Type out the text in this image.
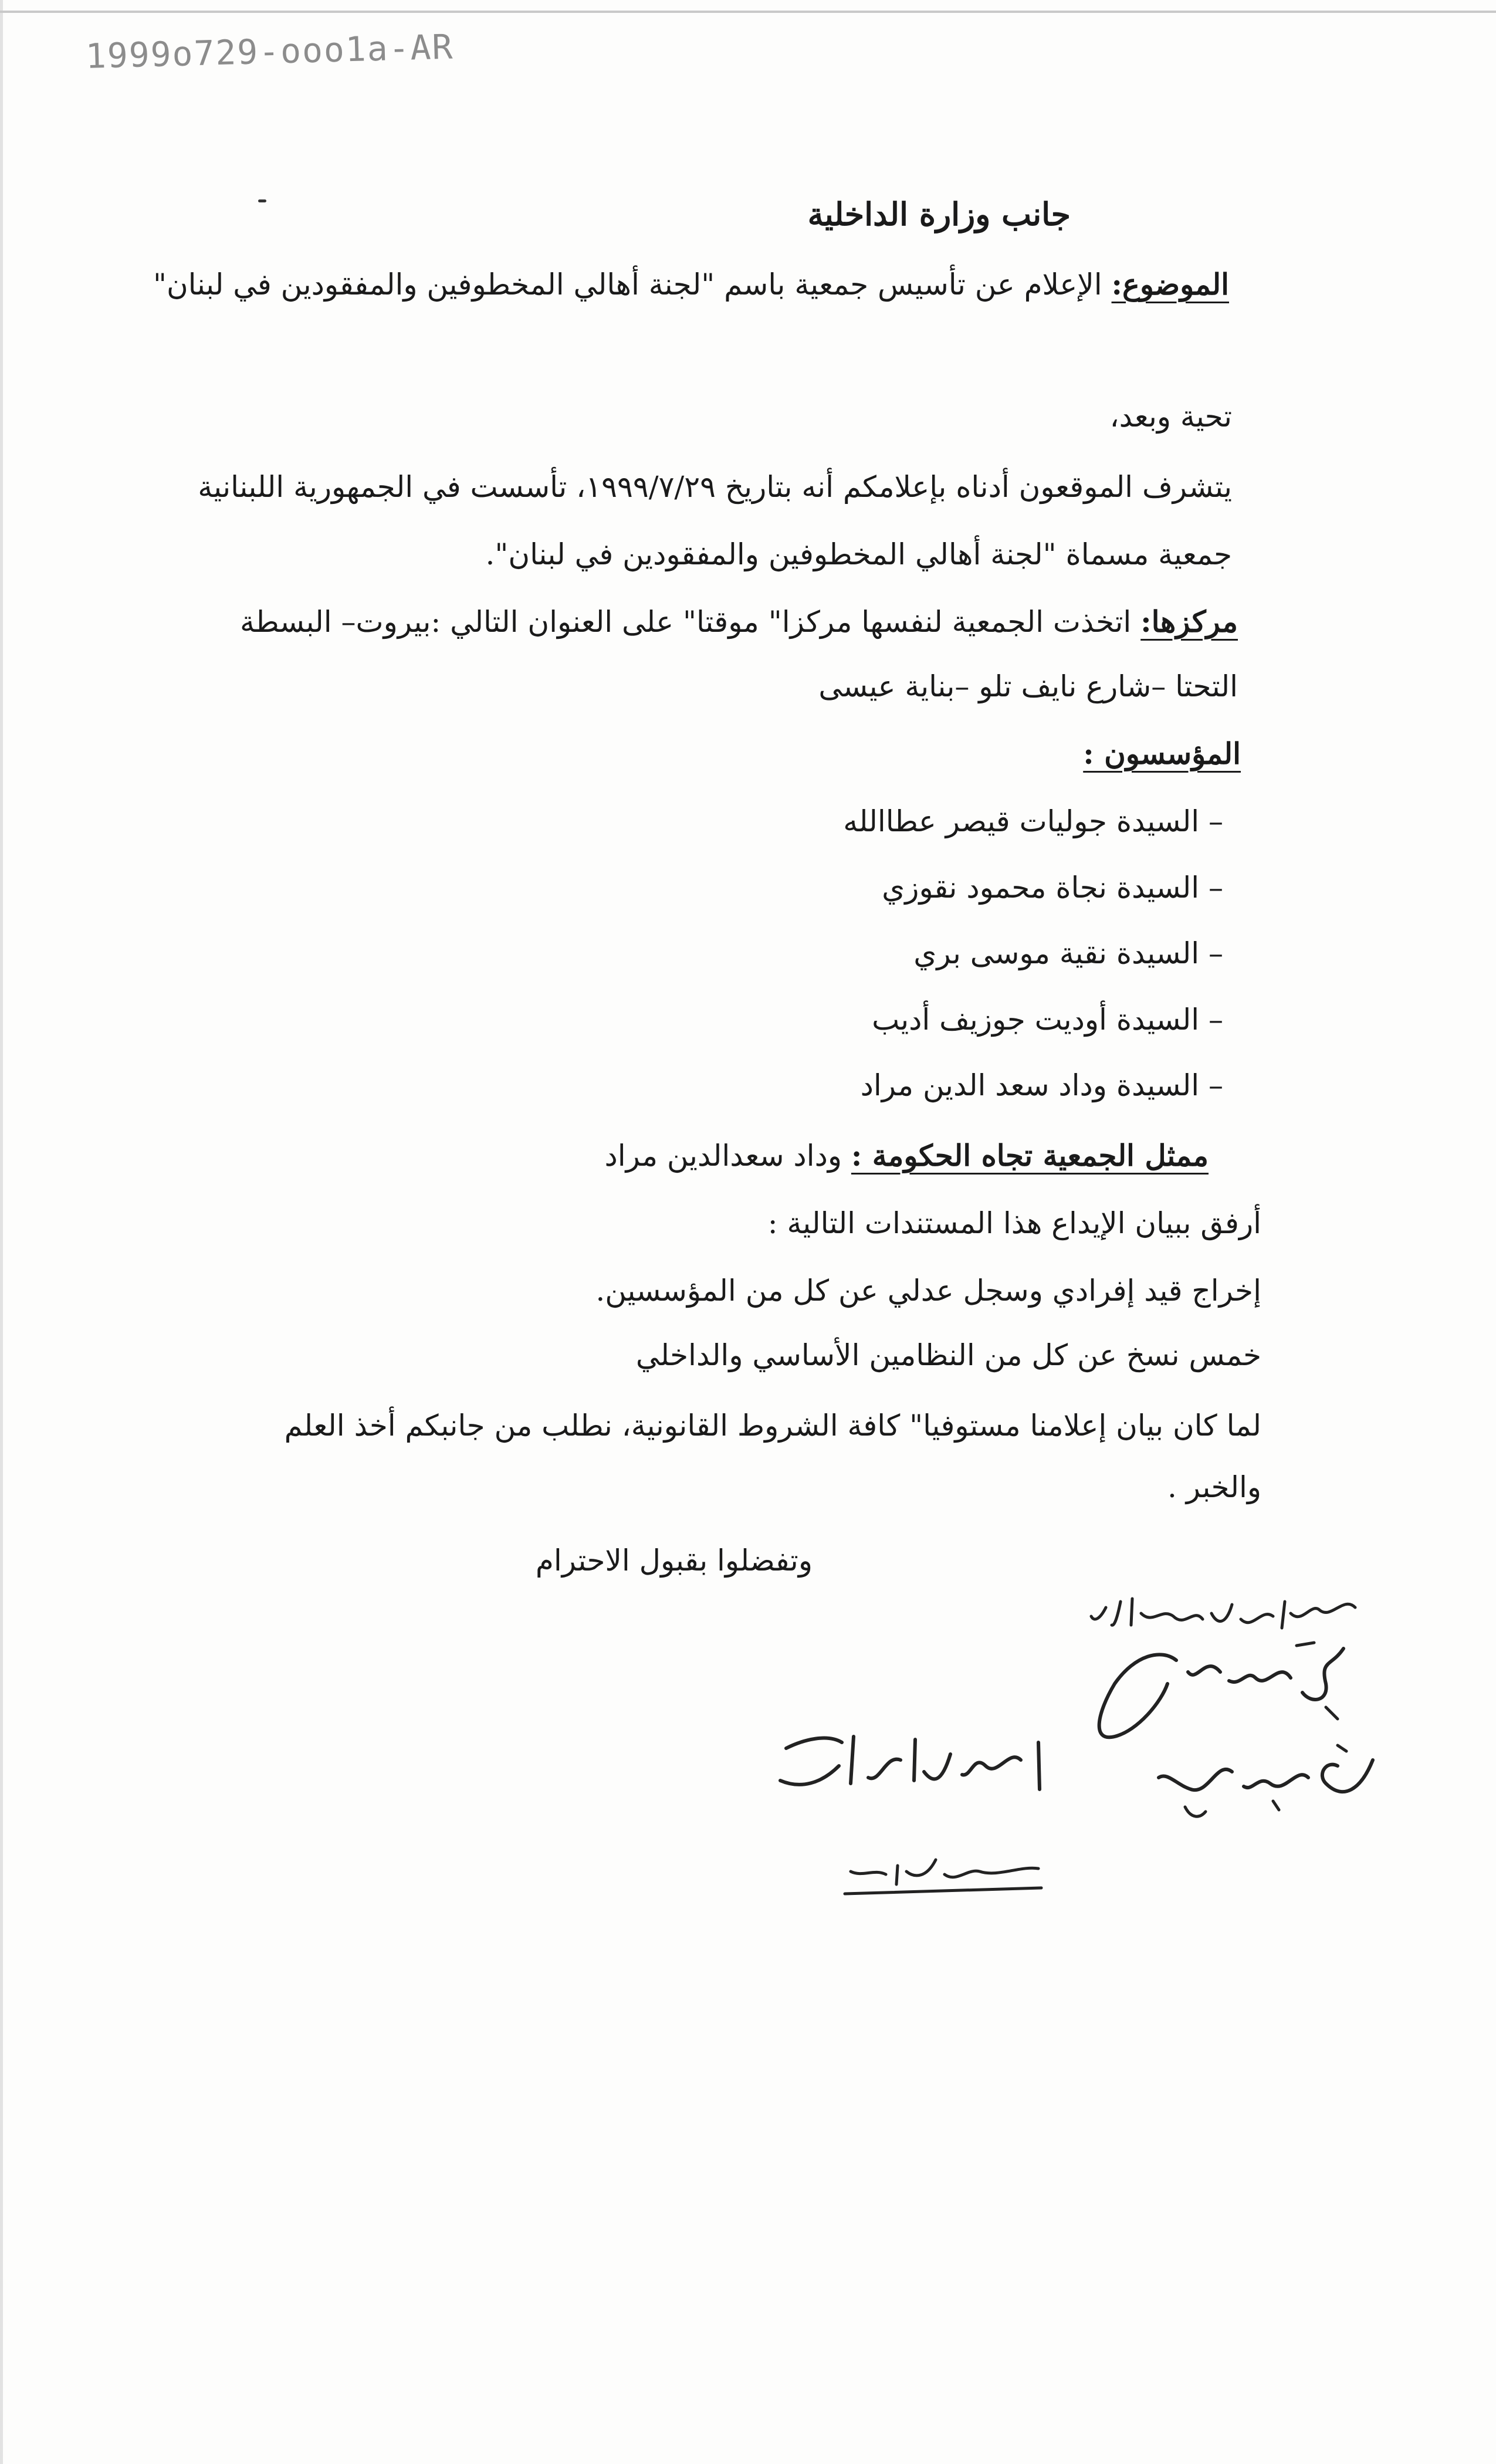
1999o729-ooo1a-AR
جانب وزارة الداخلية
الموضوع: الإعلام عن تأسيس جمعية باسم "لجنة أهالي المخطوفين والمفقودين في لبنان"
تحية وبعد،
يتشرف الموقعون أدناه بإعلامكم أنه بتاريخ ١٩٩٩/٧/٢٩، تأسست في الجمهورية اللبنانية
جمعية مسماة "لجنة أهالي المخطوفين والمفقودين في لبنان".
مركزها: اتخذت الجمعية لنفسها مركزا" موقتا" على العنوان التالي :بيروت– البسطة
التحتا –شارع نايف تلو –بناية عيسى
المؤسسون :
– السيدة جوليات قيصر عطاالله
– السيدة نجاة محمود نقوزي
– السيدة نقية موسى بري
– السيدة أوديت جوزيف أديب
– السيدة وداد سعد الدين مراد
ممثل الجمعية تجاه الحكومة : وداد سعدالدين مراد
أرفق ببيان الإيداع هذا المستندات التالية :
إخراج قيد إفرادي وسجل عدلي عن كل من المؤسسين.
خمس نسخ عن كل من النظامين الأساسي والداخلي
لما كان بيان إعلامنا مستوفيا" كافة الشروط القانونية، نطلب من جانبكم أخذ العلم
والخبر .
وتفضلوا بقبول الاحترام
